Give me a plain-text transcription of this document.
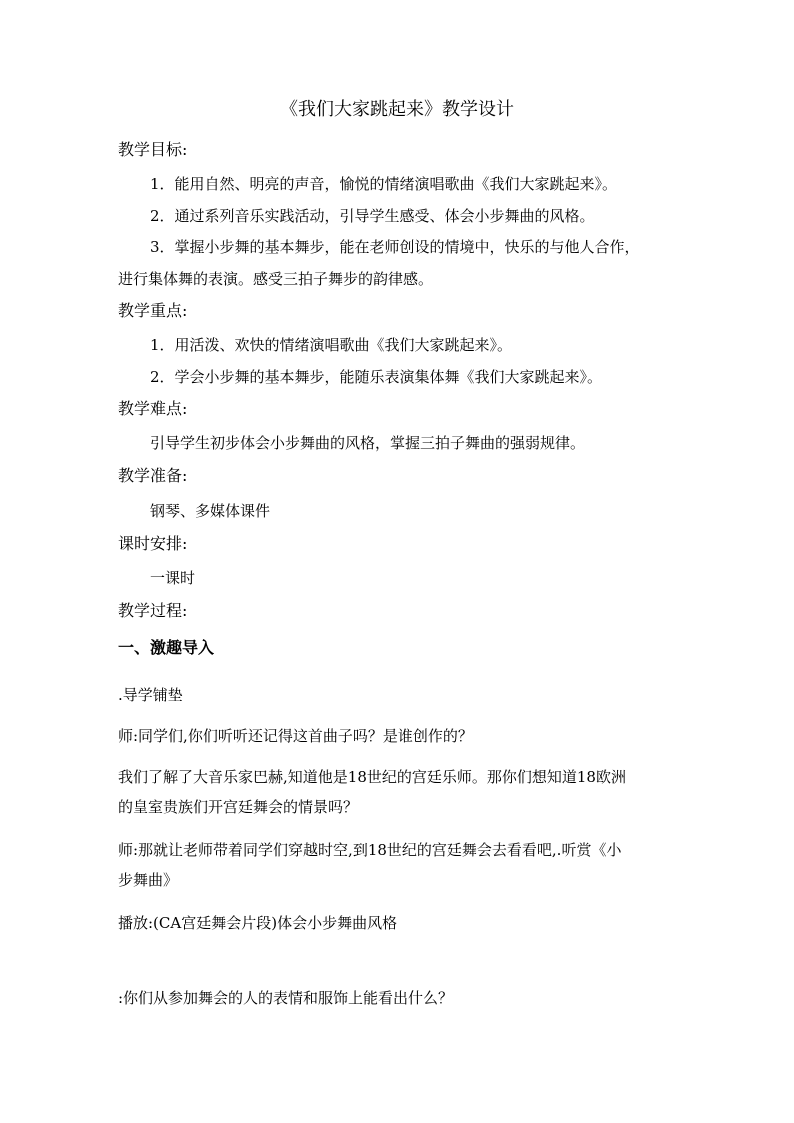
《我们大家跳起来》教学设计
教学目标:
1．能用自然、明亮的声音，愉悦的情绪演唱歌曲《我们大家跳起来》。
2．通过系列音乐实践活动，引导学生感受、体会小步舞曲的风格。
3．掌握小步舞的基本舞步，能在老师创设的情境中，快乐的与他人合作，
进行集体舞的表演。感受三拍子舞步的韵律感。
教学重点:
1．用活泼、欢快的情绪演唱歌曲《我们大家跳起来》。
2．学会小步舞的基本舞步，能随乐表演集体舞《我们大家跳起来》。
教学难点:
引导学生初步体会小步舞曲的风格，掌握三拍子舞曲的强弱规律。
教学准备:
钢琴、多媒体课件
课时安排:
一课时
教学过程:
一、激趣导入
.导学铺垫
师:同学们,你们听听还记得这首曲子吗？是谁创作的？
我们了解了大音乐家巴赫,知道他是18世纪的宫廷乐师。那你们想知道18欧洲
的皇室贵族们开宫廷舞会的情景吗？
师:那就让老师带着同学们穿越时空,到18世纪的宫廷舞会去看看吧,.听赏《小
步舞曲》
播放:(CA宫廷舞会片段)体会小步舞曲风格
:你们从参加舞会的人的表情和服饰上能看出什么？
